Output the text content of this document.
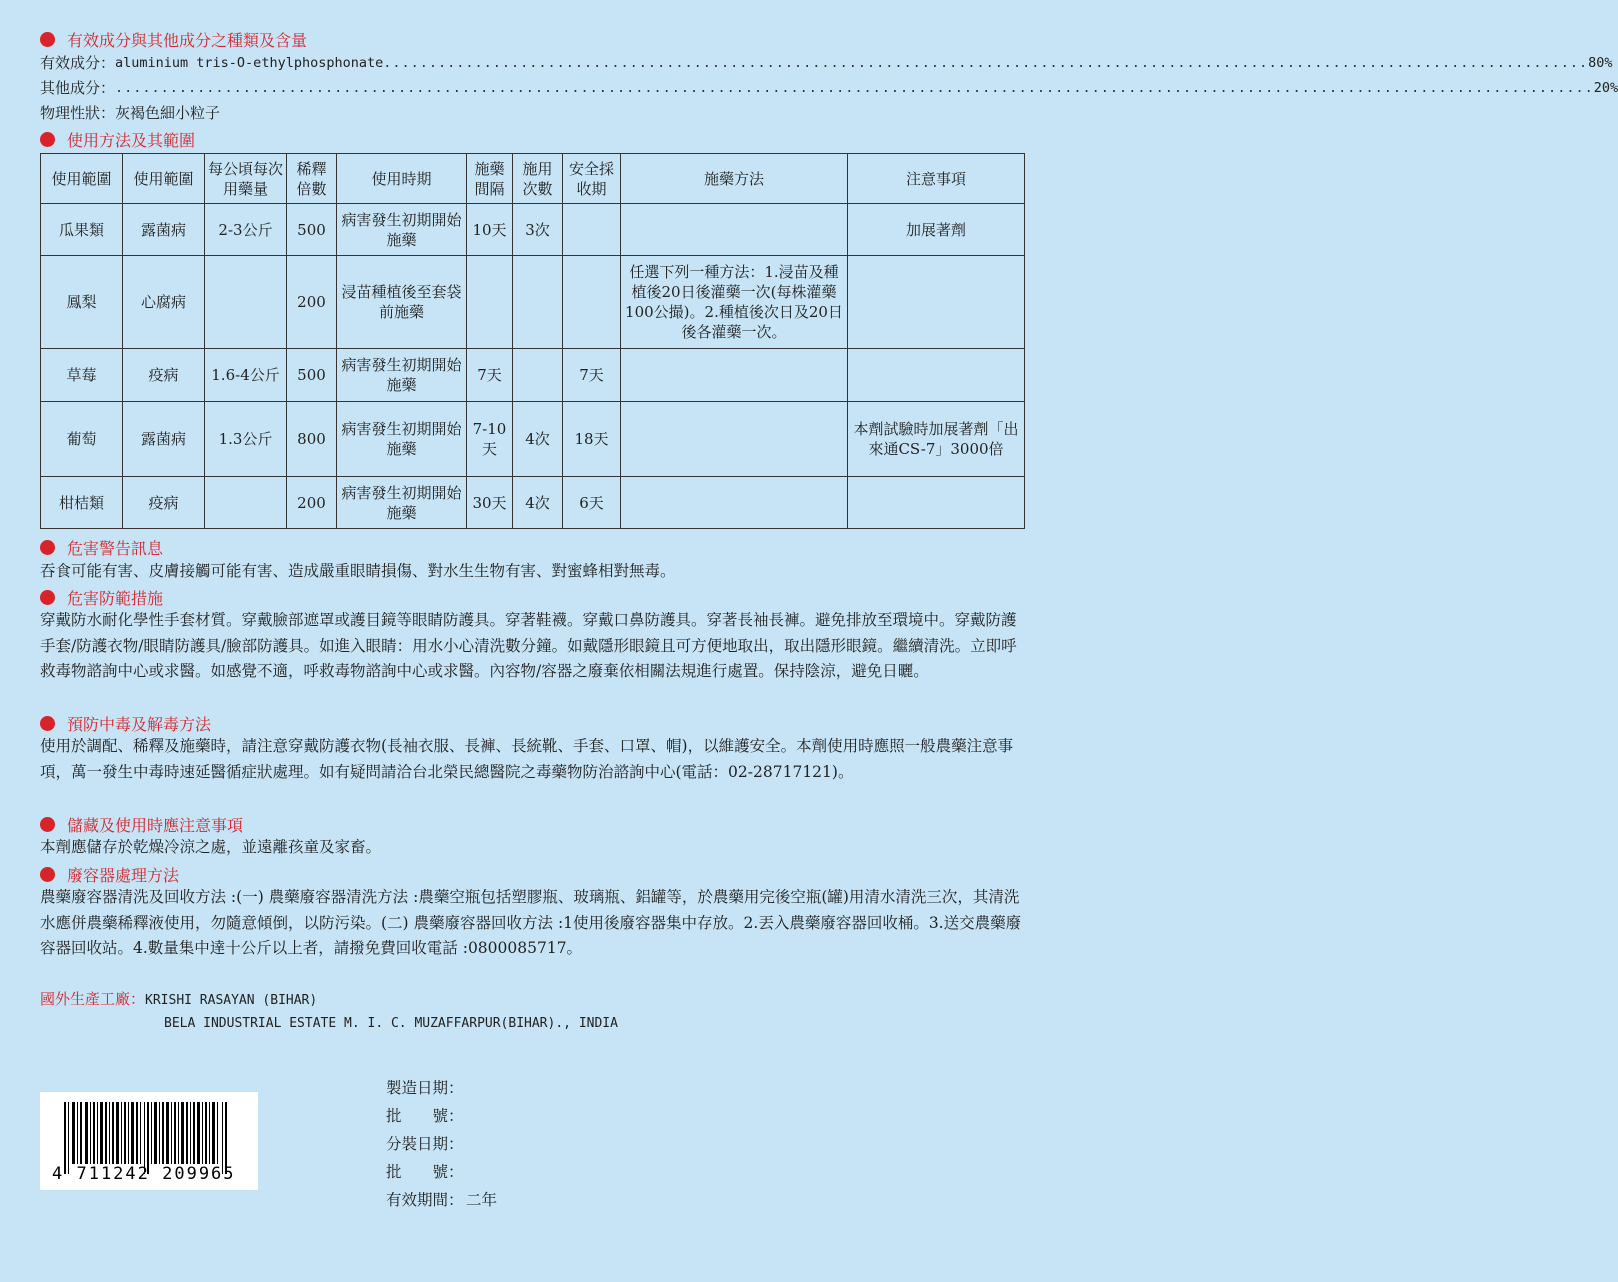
有效成分與其他成分之種類及含量
有效成分： aluminium tris-O-ethylphosphonate .................................................................................................................................... 80%
其他成分： .................................................................................................................................................................. 20%
物理性狀：灰褐色細小粒子
使用方法及其範圍
使用範圍	使用範圍	每公頃每次用藥量	稀釋倍數	使用時期	施藥間隔	施用次數	安全採收期	施藥方法	注意事項
瓜果類	露菌病	2-3公斤	500	病害發生初期開始施藥	10天	3次			加展著劑
鳳梨	心腐病		200	浸苗種植後至套袋前施藥				任選下列一種方法：1.浸苗及種植後20日後灌藥一次(每株灌藥100公撮)。2.種植後次日及20日後各灌藥一次。	
草莓	疫病	1.6-4公斤	500	病害發生初期開始施藥	7天		7天		
葡萄	露菌病	1.3公斤	800	病害發生初期開始施藥	7-10天	4次	18天		本劑試驗時加展著劑「出來通CS-7」3000倍
柑桔類	疫病		200	病害發生初期開始施藥	30天	4次	6天		
危害警告訊息
吞食可能有害、皮膚接觸可能有害、造成嚴重眼睛損傷、對水生生物有害、對蜜蜂相對無毒。
危害防範措施
穿戴防水耐化學性手套材質。穿戴臉部遮罩或護目鏡等眼睛防護具。穿著鞋襪。穿戴口鼻防護具。穿著長袖長褲。避免排放至環境中。穿戴防護手套/防護衣物/眼睛防護具/臉部防護具。如進入眼睛：用水小心清洗數分鐘。如戴隱形眼鏡且可方便地取出，取出隱形眼鏡。繼續清洗。立即呼救毒物諮詢中心或求醫。如感覺不適，呼救毒物諮詢中心或求醫。內容物/容器之廢棄依相關法規進行處置。保持陰涼，避免日曬。
預防中毒及解毒方法
使用於調配、稀釋及施藥時，請注意穿戴防護衣物(長袖衣服、長褲、長統靴、手套、口罩、帽)，以維護安全。本劑使用時應照一般農藥注意事項，萬一發生中毒時速延醫循症狀處理。如有疑問請洽台北榮民總醫院之毒藥物防治諮詢中心(電話：02-28717121)。
儲藏及使用時應注意事項
本劑應儲存於乾燥冷涼之處，並遠離孩童及家畜。
廢容器處理方法
農藥廢容器清洗及回收方法 :(一) 農藥廢容器清洗方法 :農藥空瓶包括塑膠瓶、玻璃瓶、鋁罐等，於農藥用完後空瓶(罐)用清水清洗三次，其清洗水應併農藥稀釋液使用，勿隨意傾倒，以防污染。(二) 農藥廢容器回收方法 :1使用後廢容器集中存放。2.丟入農藥廢容器回收桶。3.送交農藥廢容器回收站。4.數量集中達十公斤以上者，請撥免費回收電話 :0800085717。
國外生產工廠：KRISHI RASAYAN (BIHAR)
BELA INDUSTRIAL ESTATE M. I. C. MUZAFFARPUR(BIHAR)., INDIA
4 711242 209965
製造日期：
批　　號：
分裝日期：
批　　號：
有效期間： 二年
